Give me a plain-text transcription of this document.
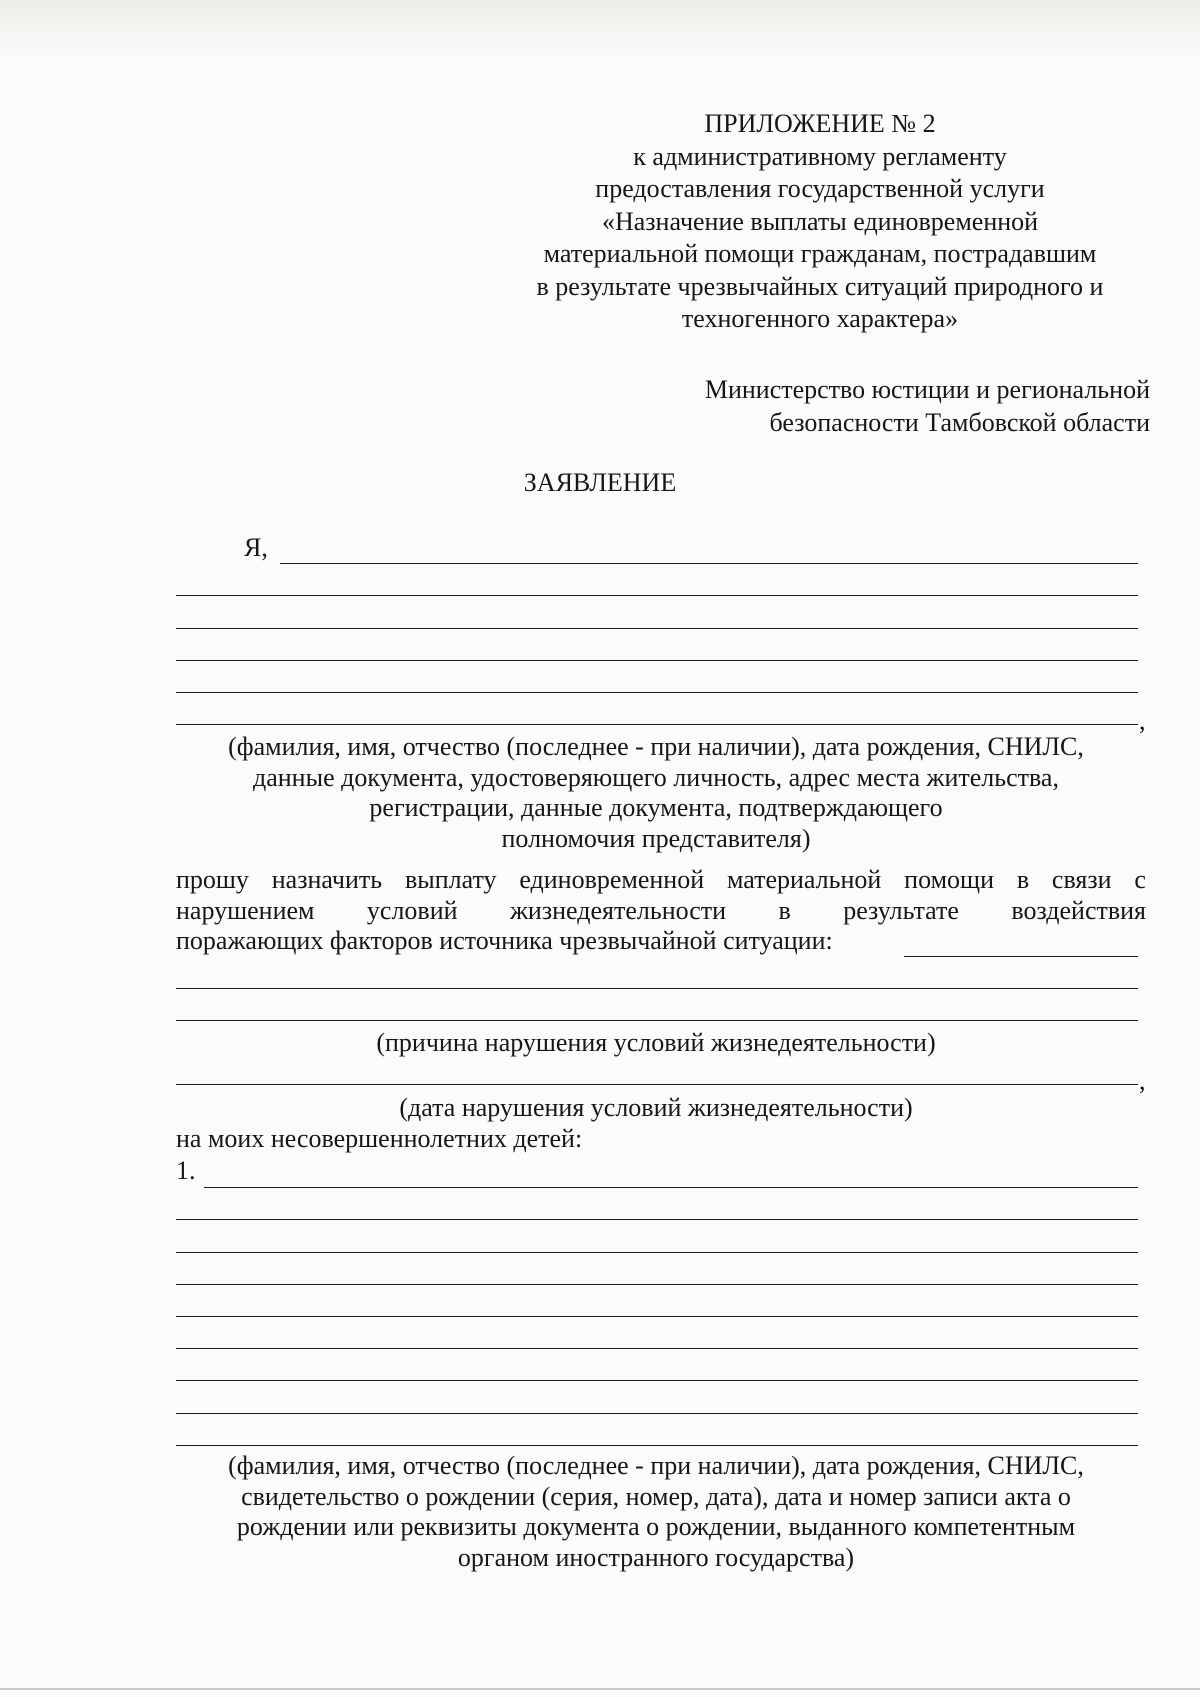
ПРИЛОЖЕНИЕ № 2
к административному регламенту
предоставления государственной услуги
«Назначение выплаты единовременной
материальной помощи гражданам, пострадавшим
в результате чрезвычайных ситуаций природного и
техногенного характера»
Министерство юстиции и региональной
безопасности Тамбовской области
ЗАЯВЛЕНИЕ
Я,
,
(фамилия, имя, отчество (последнее - при наличии), дата рождения, СНИЛС,
данные документа, удостоверяющего личность, адрес места жительства,
регистрации, данные документа, подтверждающего
полномочия представителя)
прошу назначить выплату единовременной материальной помощи в связи с
нарушением условий жизнедеятельности в результате воздействия
поражающих факторов источника чрезвычайной ситуации:
(причина нарушения условий жизнедеятельности)
,
(дата нарушения условий жизнедеятельности)
на моих несовершеннолетних детей:
1.
(фамилия, имя, отчество (последнее - при наличии), дата рождения, СНИЛС,
свидетельство о рождении (серия, номер, дата), дата и номер записи акта о
рождении или реквизиты документа о рождении, выданного компетентным
органом иностранного государства)
